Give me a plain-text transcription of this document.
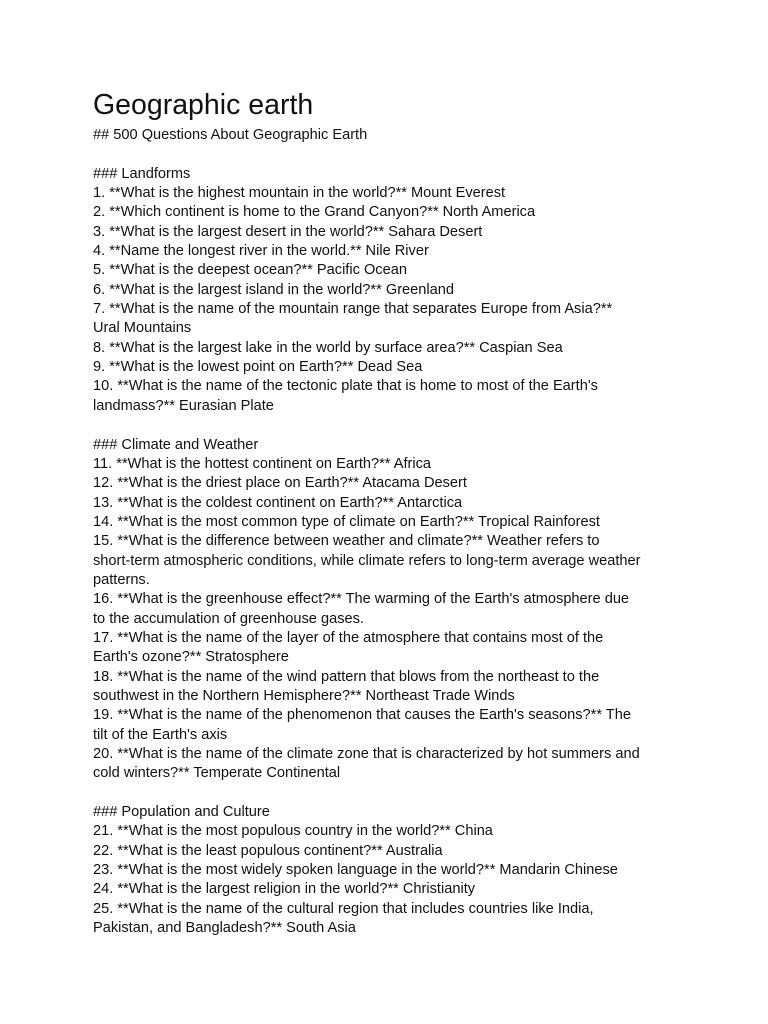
Geographic earth

## 500 Questions About Geographic Earth

### Landforms

1. **What is the highest mountain in the world?** Mount Everest

2. **Which continent is home to the Grand Canyon?** North America

3. **What is the largest desert in the world?** Sahara Desert

4. **Name the longest river in the world.** Nile River

5. **What is the deepest ocean?** Pacific Ocean

6. **What is the largest island in the world?** Greenland

7. **What is the name of the mountain range that separates Europe from Asia?**

Ural Mountains

8. **What is the largest lake in the world by surface area?** Caspian Sea

9. **What is the lowest point on Earth?** Dead Sea

10. **What is the name of the tectonic plate that is home to most of the Earth's

landmass?** Eurasian Plate

### Climate and Weather

11. **What is the hottest continent on Earth?** Africa

12. **What is the driest place on Earth?** Atacama Desert

13. **What is the coldest continent on Earth?** Antarctica

14. **What is the most common type of climate on Earth?** Tropical Rainforest

15. **What is the difference between weather and climate?** Weather refers to

short-term atmospheric conditions, while climate refers to long-term average weather

patterns.

16. **What is the greenhouse effect?** The warming of the Earth's atmosphere due

to the accumulation of greenhouse gases.

17. **What is the name of the layer of the atmosphere that contains most of the

Earth's ozone?** Stratosphere

18. **What is the name of the wind pattern that blows from the northeast to the

southwest in the Northern Hemisphere?** Northeast Trade Winds

19. **What is the name of the phenomenon that causes the Earth's seasons?** The

tilt of the Earth's axis

20. **What is the name of the climate zone that is characterized by hot summers and

cold winters?** Temperate Continental

### Population and Culture

21. **What is the most populous country in the world?** China

22. **What is the least populous continent?** Australia

23. **What is the most widely spoken language in the world?** Mandarin Chinese

24. **What is the largest religion in the world?** Christianity

25. **What is the name of the cultural region that includes countries like India,

Pakistan, and Bangladesh?** South Asia
